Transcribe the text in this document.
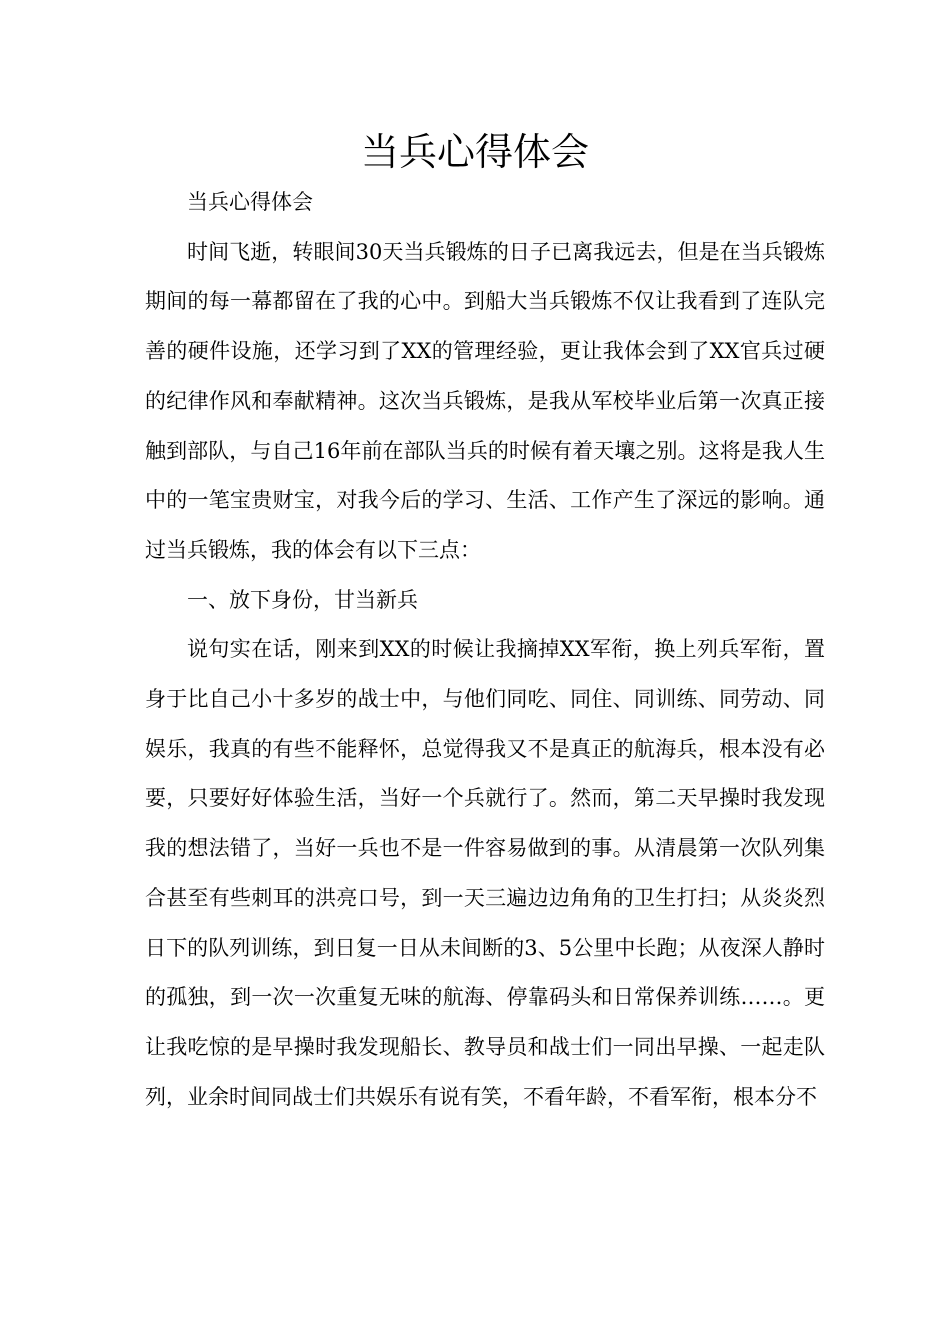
当兵心得体会

当兵心得体会

时间飞逝，转眼间30天当兵锻炼的日子已离我远去，但是在当兵锻炼期间的每一幕都留在了我的心中。到船大当兵锻炼不仅让我看到了连队完善的硬件设施，还学习到了XX的管理经验，更让我体会到了XX官兵过硬的纪律作风和奉献精神。这次当兵锻炼，是我从军校毕业后第一次真正接触到部队，与自己16年前在部队当兵的时候有着天壤之别。这将是我人生中的一笔宝贵财宝，对我今后的学习、生活、工作产生了深远的影响。通过当兵锻炼，我的体会有以下三点：

一、放下身份，甘当新兵

说句实在话，刚来到XX的时候让我摘掉XX军衔，换上列兵军衔，置身于比自己小十多岁的战士中，与他们同吃、同住、同训练、同劳动、同娱乐，我真的有些不能释怀，总觉得我又不是真正的航海兵，根本没有必要，只要好好体验生活，当好一个兵就行了。然而，第二天早操时我发现我的想法错了，当好一兵也不是一件容易做到的事。从清晨第一次队列集合甚至有些刺耳的洪亮口号，到一天三遍边边角角的卫生打扫；从炎炎烈日下的队列训练，到日复一日从未间断的3、5公里中长跑；从夜深人静时的孤独，到一次一次重复无味的航海、停靠码头和日常保养训练……。更让我吃惊的是早操时我发现船长、教导员和战士们一同出早操、一起走队列，业余时间同战士们共娱乐有说有笑，不看年龄，不看军衔，根本分不
